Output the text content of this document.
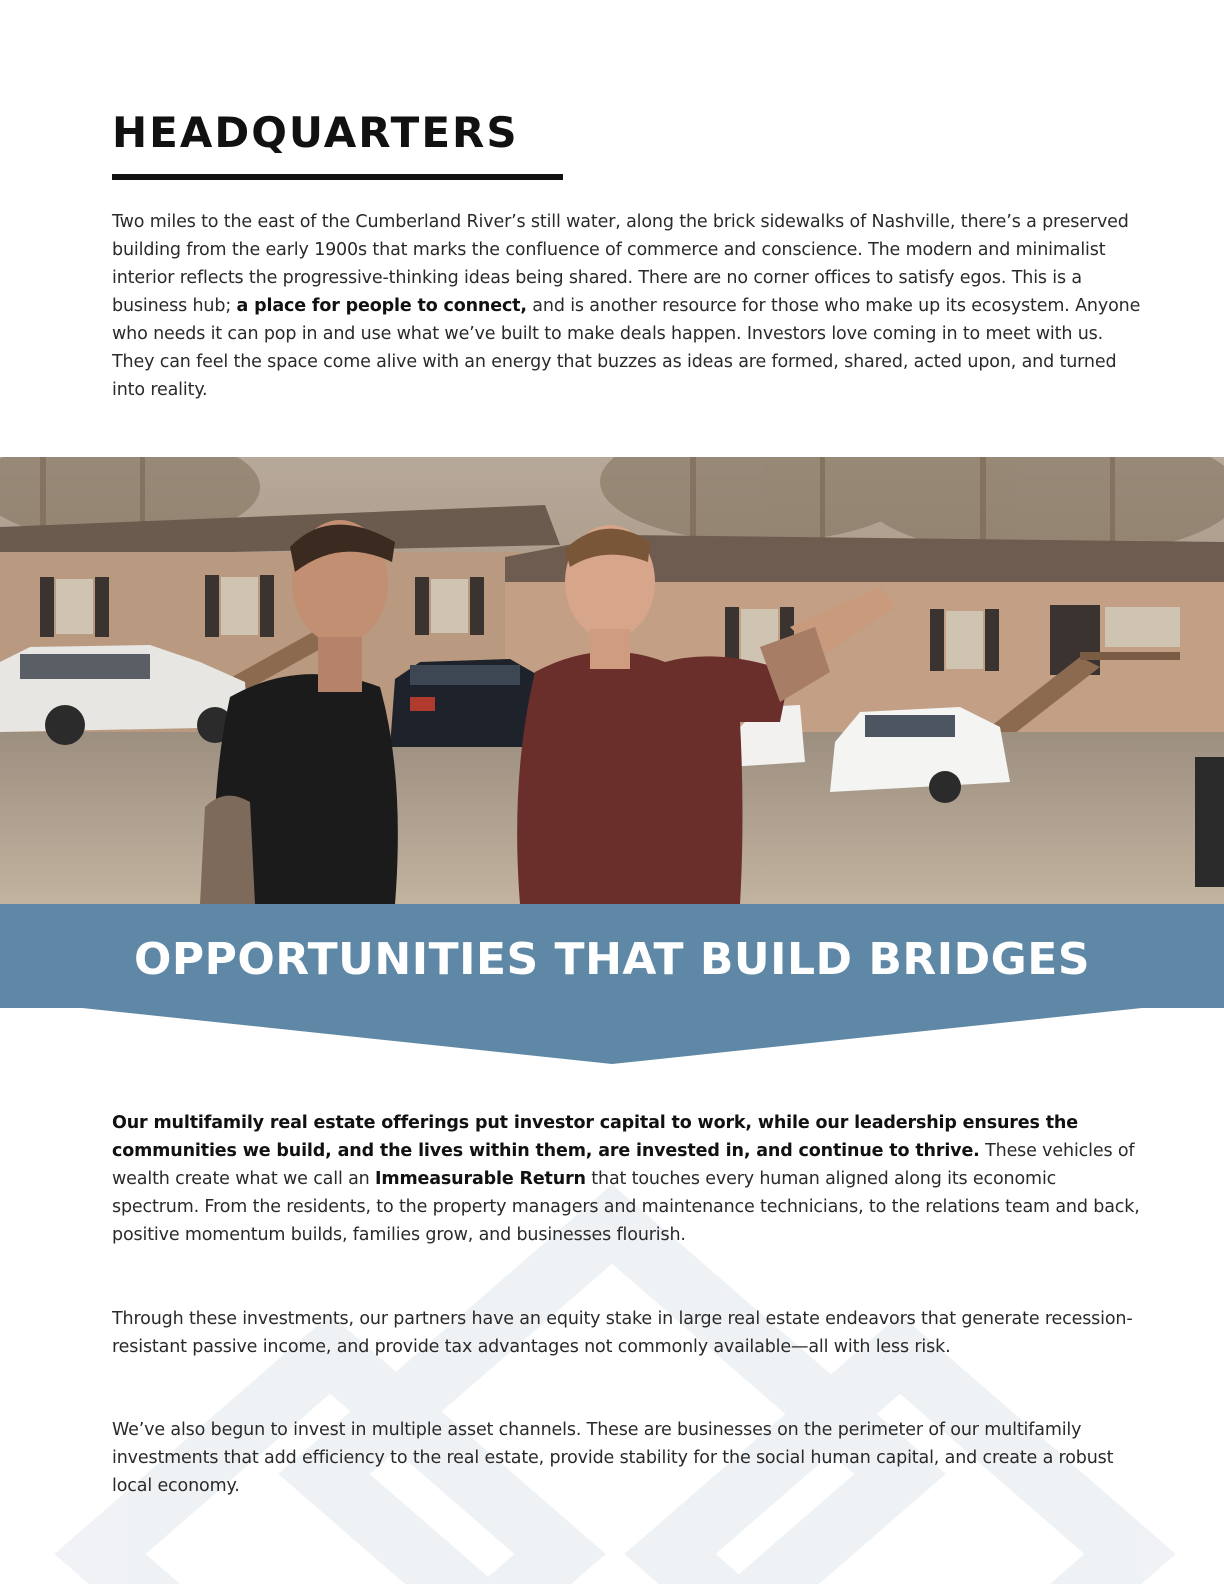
HEADQUARTERS

Two miles to the east of the Cumberland River’s still water, along the brick sidewalks of Nashville, there’s a preserved building from the early 1900s that marks the confluence of commerce and conscience. The modern and minimalist interior reflects the progressive-thinking ideas being shared. There are no corner offices to satisfy egos. This is a business hub; a place for people to connect, and is another resource for those who make up its ecosystem. Anyone who needs it can pop in and use what we’ve built to make deals happen. Investors love coming in to meet with us. They can feel the space come alive with an energy that buzzes as ideas are formed, shared, acted upon, and turned into reality.

OPPORTUNITIES THAT BUILD BRIDGES

Our multifamily real estate offerings put investor capital to work, while our leadership ensures the communities we build, and the lives within them, are invested in, and continue to thrive. These vehicles of wealth create what we call an Immeasurable Return that touches every human aligned along its economic spectrum. From the residents, to the property managers and maintenance technicians, to the relations team and back, positive momentum builds, families grow, and businesses flourish.

Through these investments, our partners have an equity stake in large real estate endeavors that generate recession-resistant passive income, and provide tax advantages not commonly available—all with less risk.

We’ve also begun to invest in multiple asset channels. These are businesses on the perimeter of our multifamily investments that add efficiency to the real estate, provide stability for the social human capital, and create a robust local economy.
